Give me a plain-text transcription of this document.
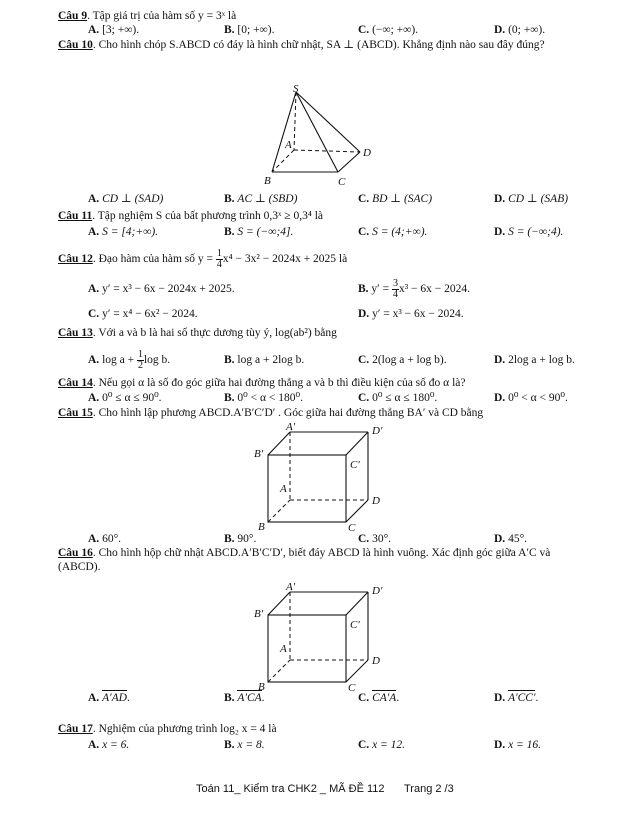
Câu 9. Tập giá trị của hàm số y = 3ˣ là
A. [3; +∞).	B. [0; +∞).	C. (−∞; +∞).	D. (0; +∞).
Câu 10. Cho hình chóp S.ABCD có đáy là hình chữ nhật, SA ⊥ (ABCD). Khẳng định nào sau đây đúng?
S
A
D
B	C
A. CD ⊥ (SAD)	B. AC ⊥ (SBD)	C. BD ⊥ (SAC)	D. CD ⊥ (SAB)
Câu 11. Tập nghiệm S của bất phương trình 0,3ˣ ≥ 0,3⁴ là
A. S = [4;+∞).	B. S = (−∞;4].	C. S = (4;+∞).	D. S = (−∞;4).
Câu 12. Đạo hàm của hàm số $y = \frac{1}{4} x^4 - 3x^2 - 2024x + 2025$ là
A. y′ = x³ − 6x − 2024x + 2025.	B. $y' = \frac{3}{4} x^3 - 6x - 2024$.
C. y′ = x⁴ − 6x² − 2024.	D. y′ = x³ − 6x − 2024.
Câu 13. Với a và b là hai số thực dương tùy ý, log(ab²) bằng
A. $\log a + \frac{1}{2}$ log b.	B. log a + 2log b.	C. 2(log a + log b).	D. 2log a + log b.
Câu 14. Nếu gọi α là số đo góc giữa hai đường thẳng a và b thì điều kiện của số đo α là?
A. 0⁰ ≤ α ≤ 90⁰.	B. 0⁰ < α < 180⁰.	C. 0⁰ ≤ α ≤ 180⁰.	D. 0⁰ < α < 90⁰.
Câu 15. Cho hình lập phương ABCD.A′B′C′D′ . Góc giữa hai đường thẳng BA′ và CD bằng
A′	D′
B′
C′
A
D
B	C
A. 60°.	B. 90°.	C. 30°.	D. 45°.
Câu 16. Cho hình hộp chữ nhật ABCD.A′B′C′D′, biết đáy ABCD là hình vuông. Xác định góc giữa A′C và
(ABCD).
A′	D′
B′
C′
A
D
B	C
A. A′AD.	B. A′CA.	C. CA′A.	D. A′CC′.
Câu 17. Nghiệm của phương trình log₂ x = 4 là
A. x = 6.	B. x = 8.	C. x = 12.	D. x = 16.
Toán 11_ Kiểm tra CHK2 _ MÃ ĐỀ 112 Trang 2 /3
